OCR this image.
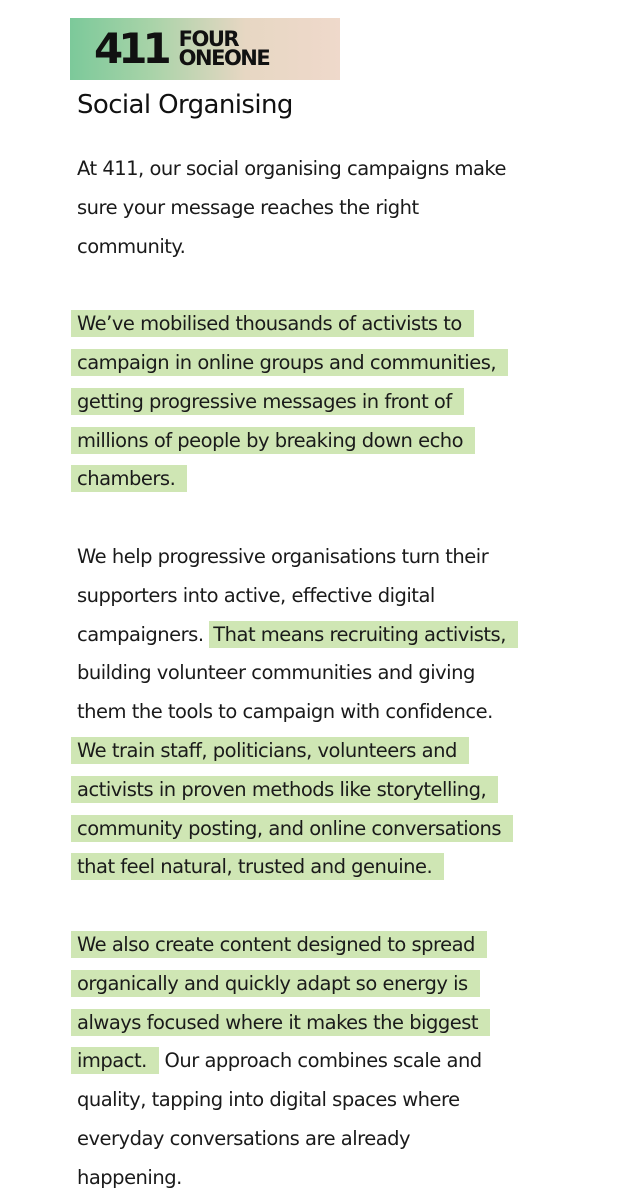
411 FOUR
ONEONE
Social Organising
At 411, our social organising campaigns make
sure your message reaches the right
community.
We’ve mobilised thousands of activists to
campaign in online groups and communities,
getting progressive messages in front of
millions of people by breaking down echo
chambers.
We help progressive organisations turn their
supporters into active, effective digital
campaigners. That means recruiting activists,
building volunteer communities and giving
them the tools to campaign with confidence.
We train staff, politicians, volunteers and
activists in proven methods like storytelling,
community posting, and online conversations
that feel natural, trusted and genuine.
We also create content designed to spread
organically and quickly adapt so energy is
always focused where it makes the biggest
impact. Our approach combines scale and
quality, tapping into digital spaces where
everyday conversations are already
happening.
